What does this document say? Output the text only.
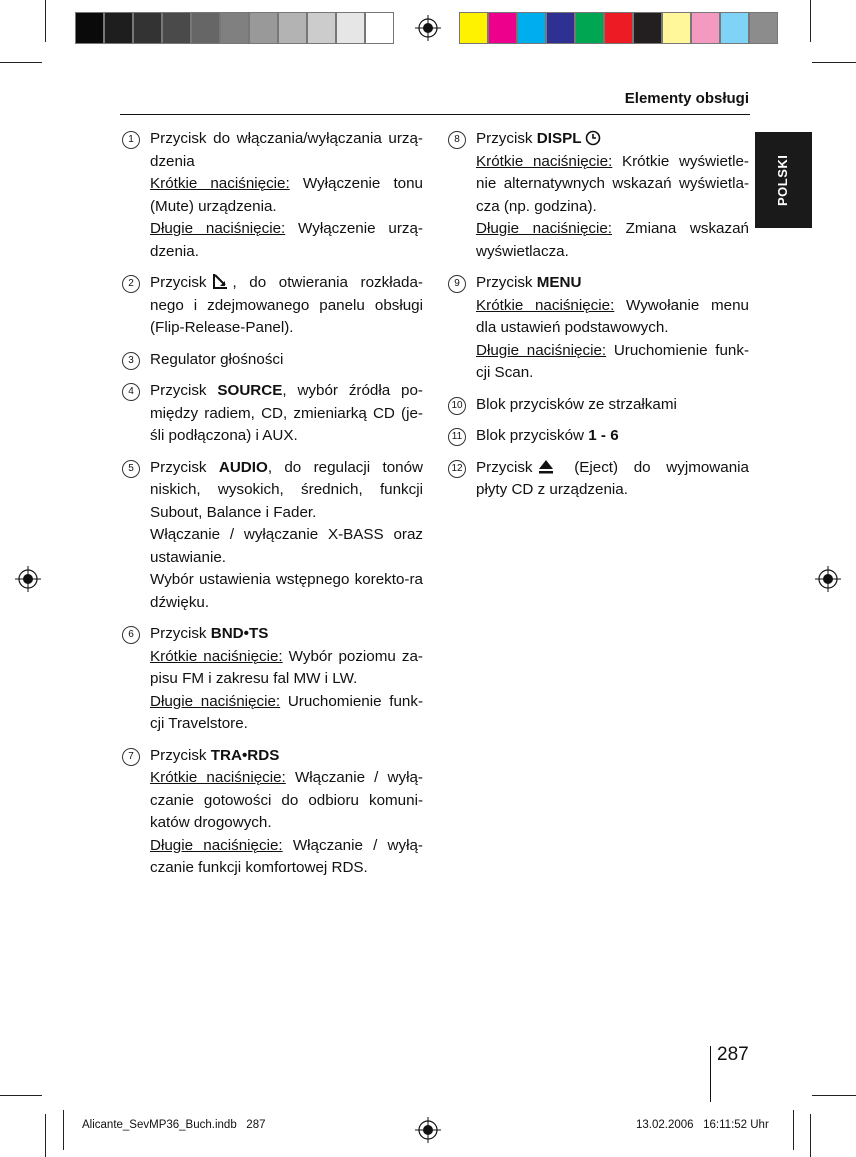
Elementy obsługi
POLSKI
1	Przycisk do włączania/wyłączania urzą-dzenia
Krótkie naciśnięcie: Wyłączenie tonu (Mute) urządzenia.
Długie naciśnięcie: Wyłączenie urzą-dzenia.
2	Przycisk , do otwierania rozkłada-nego i zdejmowanego panelu obsługi (Flip-Release-Panel).
3	Regulator głośności
4	Przycisk SOURCE, wybór źródła po-między radiem, CD, zmieniarką CD (je-śli podłączona) i AUX.
5	Przycisk AUDIO, do regulacji tonów niskich, wysokich, średnich, funkcji Subout, Balance i Fader.
Włączanie / wyłączanie X-BASS oraz ustawianie.
Wybór ustawienia wstępnego korekto-ra dźwięku.
6	Przycisk BND•TS
Krótkie naciśnięcie: Wybór poziomu za-pisu FM i zakresu fal MW i LW.
Długie naciśnięcie: Uruchomienie funk-cji Travelstore.
7	Przycisk TRA•RDS
Krótkie naciśnięcie: Włączanie / wyłą-czanie gotowości do odbioru komuni-katów drogowych.
Długie naciśnięcie: Włączanie / wyłą-czanie funkcji komfortowej RDS.
8	Przycisk DISPL
Krótkie naciśnięcie: Krótkie wyświetle-nie alternatywnych wskazań wyświetla-cza (np. godzina).
Długie naciśnięcie: Zmiana wskazań wyświetlacza.
9	Przycisk MENU
Krótkie naciśnięcie: Wywołanie menu dla ustawień podstawowych.
Długie naciśnięcie: Uruchomienie funk-cji Scan.
10 Blok przycisków ze strzałkami
11 Blok przycisków 1 - 6
12 Przycisk (Eject) do wyjmowania płyty CD z urządzenia.
287
Alicante_SevMP36_Buch.indb   287	13.02.2006   16:11:52 Uhr
